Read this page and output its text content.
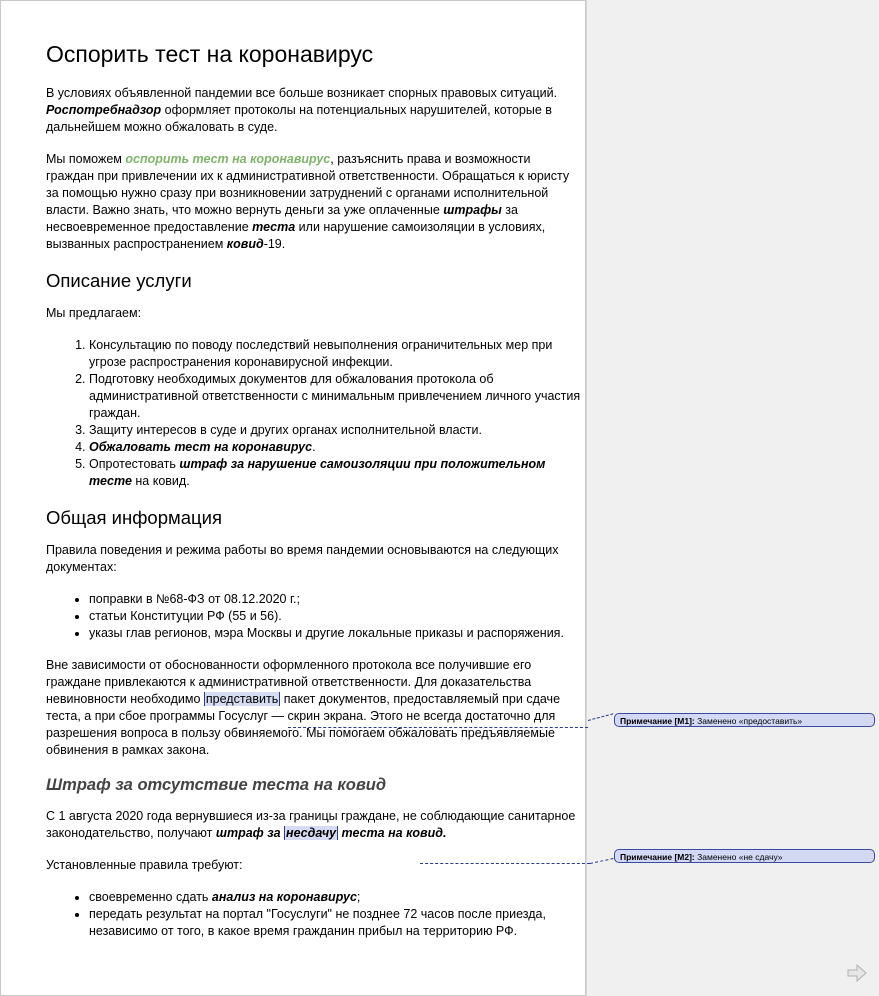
Оспорить тест на коронавирус

В условиях объявленной пандемии все больше возникает спорных правовых ситуаций.
Роспотребнадзор оформляет протоколы на потенциальных нарушителей, которые в дальнейшем можно обжаловать в суде.

Мы поможем оспорить тест на коронавирус, разъяснить права и возможности граждан при привлечении их к административной ответственности. Обращаться к юристу за помощью нужно сразу при возникновении затруднений с органами исполнительной власти. Важно знать, что можно вернуть деньги за уже оплаченные штрафы за несвоевременное предоставление теста или нарушение самоизоляции в условиях, вызванных распространением ковид-19.

Описание услуги

Мы предлагаем:

1. Консультацию по поводу последствий невыполнения ограничительных мер при угрозе распространения коронавирусной инфекции.
2. Подготовку необходимых документов для обжалования протокола об административной ответственности с минимальным привлечением личного участия граждан.
3. Защиту интересов в суде и других органах исполнительной власти.
4. Обжаловать тест на коронавирус.
5. Опротестовать штраф за нарушение самоизоляции при положительном тесте на ковид.
Общая информация

Правила поведения и режима работы во время пандемии основываются на следующих документах:

• поправки в №68-ФЗ от 08.12.2020 г.;
• статьи Конституции РФ (55 и 56).
• указы глав регионов, мэра Москвы и другие локальные приказы и распоряжения.

Вне зависимости от обоснованности оформленного протокола все получившие его граждане привлекаются к административной ответственности. Для доказательства невиновности необходимо представить пакет документов, предоставляемый при сдаче теста, а при сбое программы Госуслуг — скрин экрана. Этого не всегда достаточно для разрешения вопроса в пользу обвиняемого. Мы помогаем обжаловать предъявляемые обвинения в рамках закона.

Штраф за отсутствие теста на ковид

С 1 августа 2020 года вернувшиеся из-за границы граждане, не соблюдающие санитарное законодательство, получают штраф за несдачу теста на ковид.

Установленные правила требуют:

• своевременно сдать анализ на коронавирус;
• передать результат на портал "Госуслуги" не позднее 72 часов после приезда, независимо от того, в какое время гражданин прибыл на территорию РФ.
Примечание [M1]: Заменено «предоставить»
Примечание [M2]: Заменено «не сдачу»
